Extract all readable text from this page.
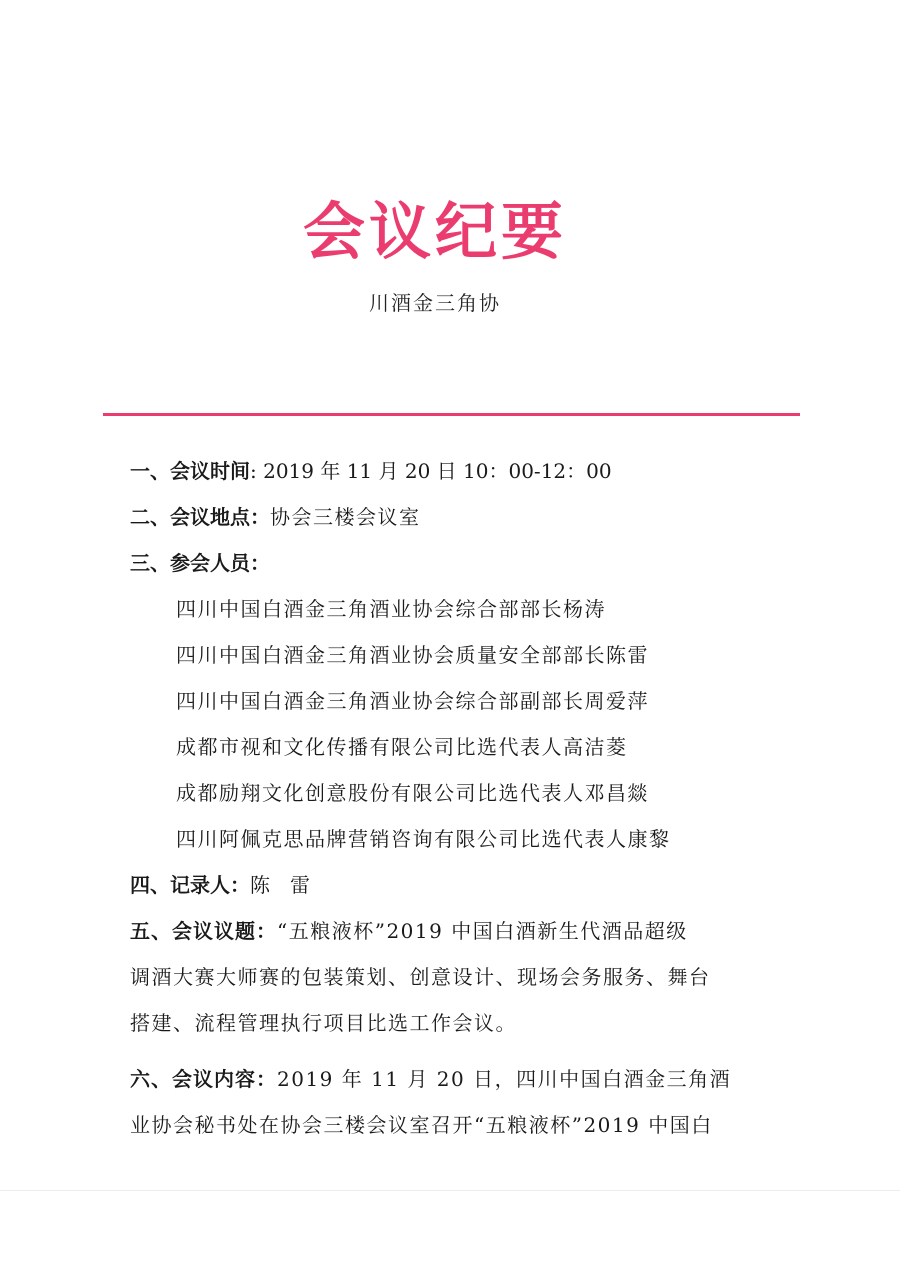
会议纪要
川酒金三角协
一、会议时间: 2019 年 11 月 20 日 10：00-12：00
二、会议地点：协会三楼会议室
三、参会人员：
四川中国白酒金三角酒业协会综合部部长杨涛
四川中国白酒金三角酒业协会质量安全部部长陈雷
四川中国白酒金三角酒业协会综合部副部长周爱萍
成都市视和文化传播有限公司比选代表人高洁菱
成都励翔文化创意股份有限公司比选代表人邓昌燚
四川阿佩克思品牌营销咨询有限公司比选代表人康黎
四、记录人：陈　雷
五、会议议题：“五粮液杯”2019 中国白酒新生代酒品超级
调酒大赛大师赛的包装策划、创意设计、现场会务服务、舞台
搭建、流程管理执行项目比选工作会议。
六、会议内容：2019 年 11 月 20 日，四川中国白酒金三角酒
业协会秘书处在协会三楼会议室召开“五粮液杯”2019 中国白
